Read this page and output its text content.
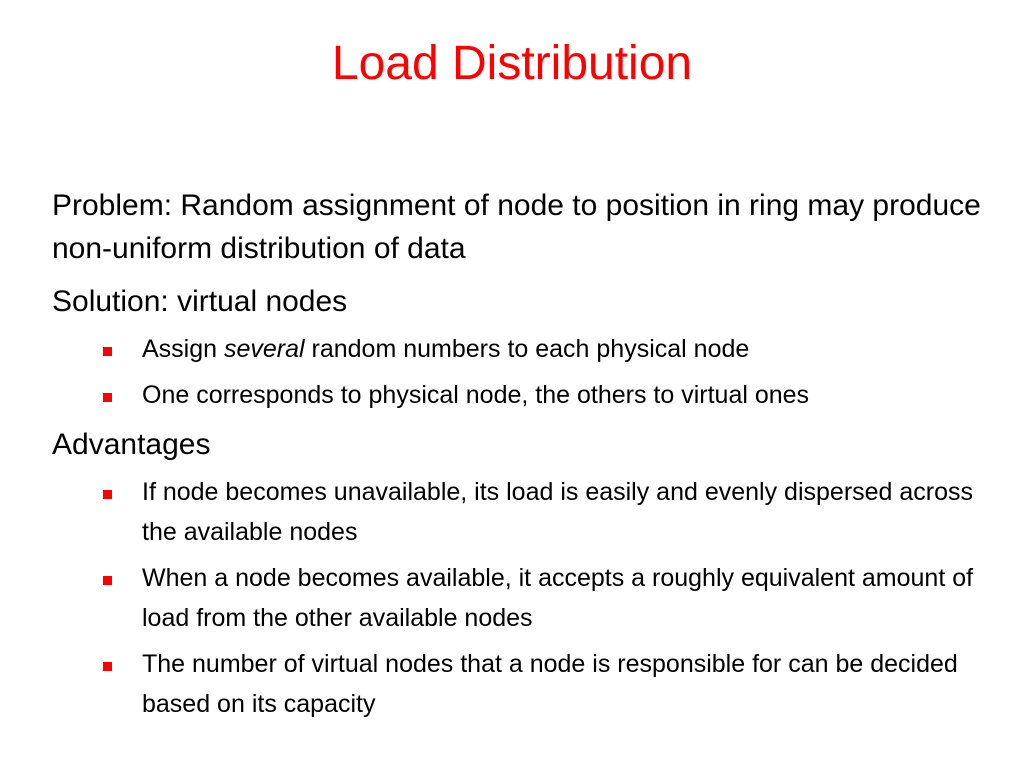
Load Distribution

Problem: Random assignment of node to position in ring may produce non-uniform distribution of data

Solution: virtual nodes

Assign several random numbers to each physical node
One corresponds to physical node, the others to virtual ones

Advantages

If node becomes unavailable, its load is easily and evenly dispersed across the available nodes
When a node becomes available, it accepts a roughly equivalent amount of load from the other available nodes
The number of virtual nodes that a node is responsible for can be decided based on its capacity
